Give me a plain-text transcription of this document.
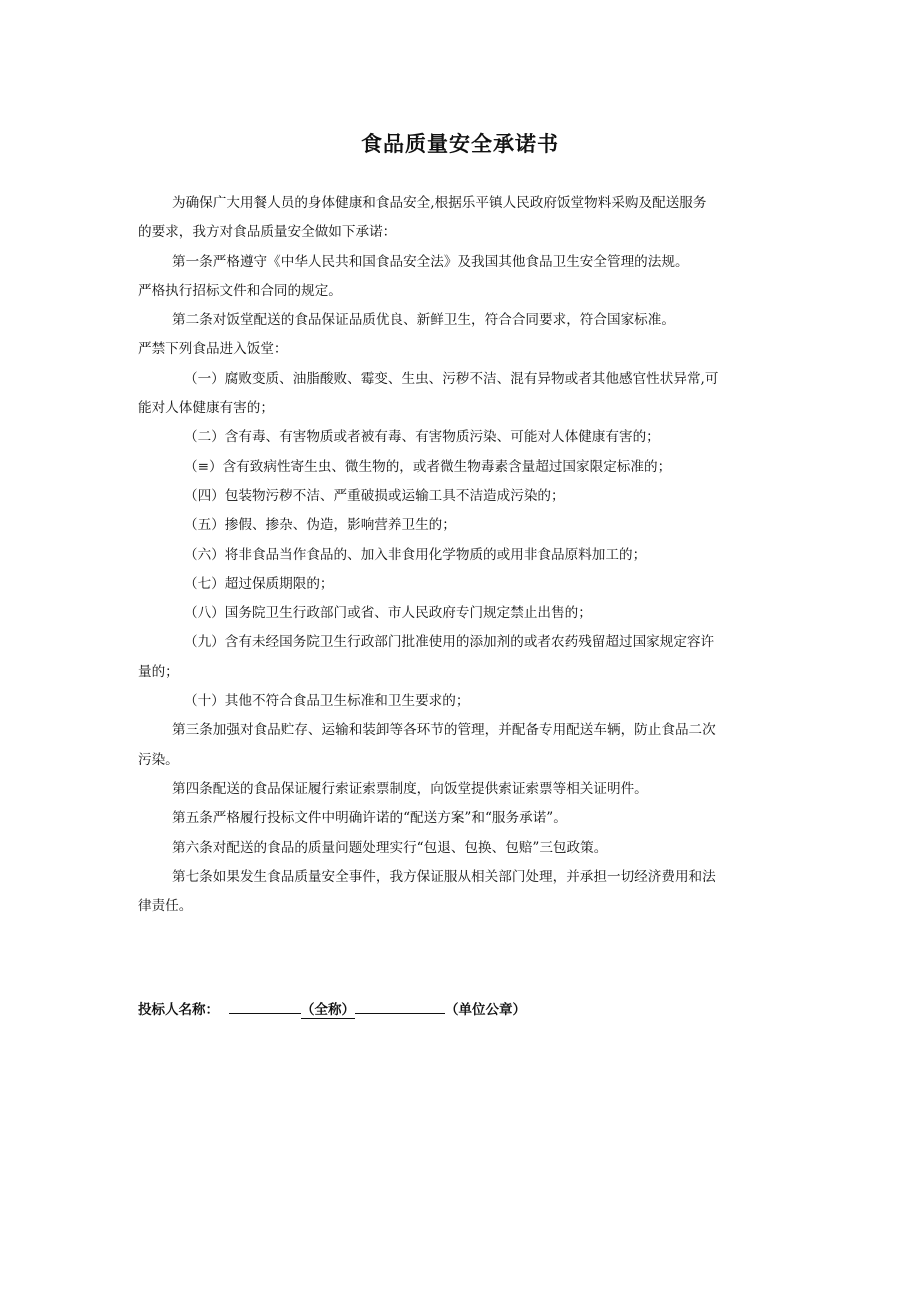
食品质量安全承诺书

为确保广大用餐人员的身体健康和食品安全,根据乐平镇人民政府饭堂物料采购及配送服务

的要求，我方对食品质量安全做如下承诺：

第一条严格遵守《中华人民共和国食品安全法》及我国其他食品卫生安全管理的法规。

严格执行招标文件和合同的规定。

第二条对饭堂配送的食品保证品质优良、新鲜卫生，符合合同要求，符合国家标准。

严禁下列食品进入饭堂：

（一）腐败变质、油脂酸败、霉变、生虫、污秽不洁、混有异物或者其他感官性状异常,可

能对人体健康有害的；

（二）含有毒、有害物质或者被有毒、有害物质污染、可能对人体健康有害的；

（≡）含有致病性寄生虫、微生物的，或者微生物毒素含量超过国家限定标准的；

（四）包装物污秽不洁、严重破损或运输工具不洁造成污染的；

（五）掺假、掺杂、伪造，影响营养卫生的；

（六）将非食品当作食品的、加入非食用化学物质的或用非食品原料加工的；

（七）超过保质期限的；

（八）国务院卫生行政部门或省、市人民政府专门规定禁止出售的；

（九）含有未经国务院卫生行政部门批准使用的添加剂的或者农药残留超过国家规定容许

量的；

（十）其他不符合食品卫生标准和卫生要求的；

第三条加强对食品贮存、运输和装卸等各环节的管理，并配备专用配送车辆，防止食品二次

污染。

第四条配送的食品保证履行索证索票制度，向饭堂提供索证索票等相关证明件。

第五条严格履行投标文件中明确许诺的“配送方案”和“服务承诺”。

第六条对配送的食品的质量问题处理实行“包退、包换、包赔”三包政策。

第七条如果发生食品质量安全事件，我方保证服从相关部门处理，并承担一切经济费用和法

律责任。

投标人名称：	（全称）	（单位公章）
